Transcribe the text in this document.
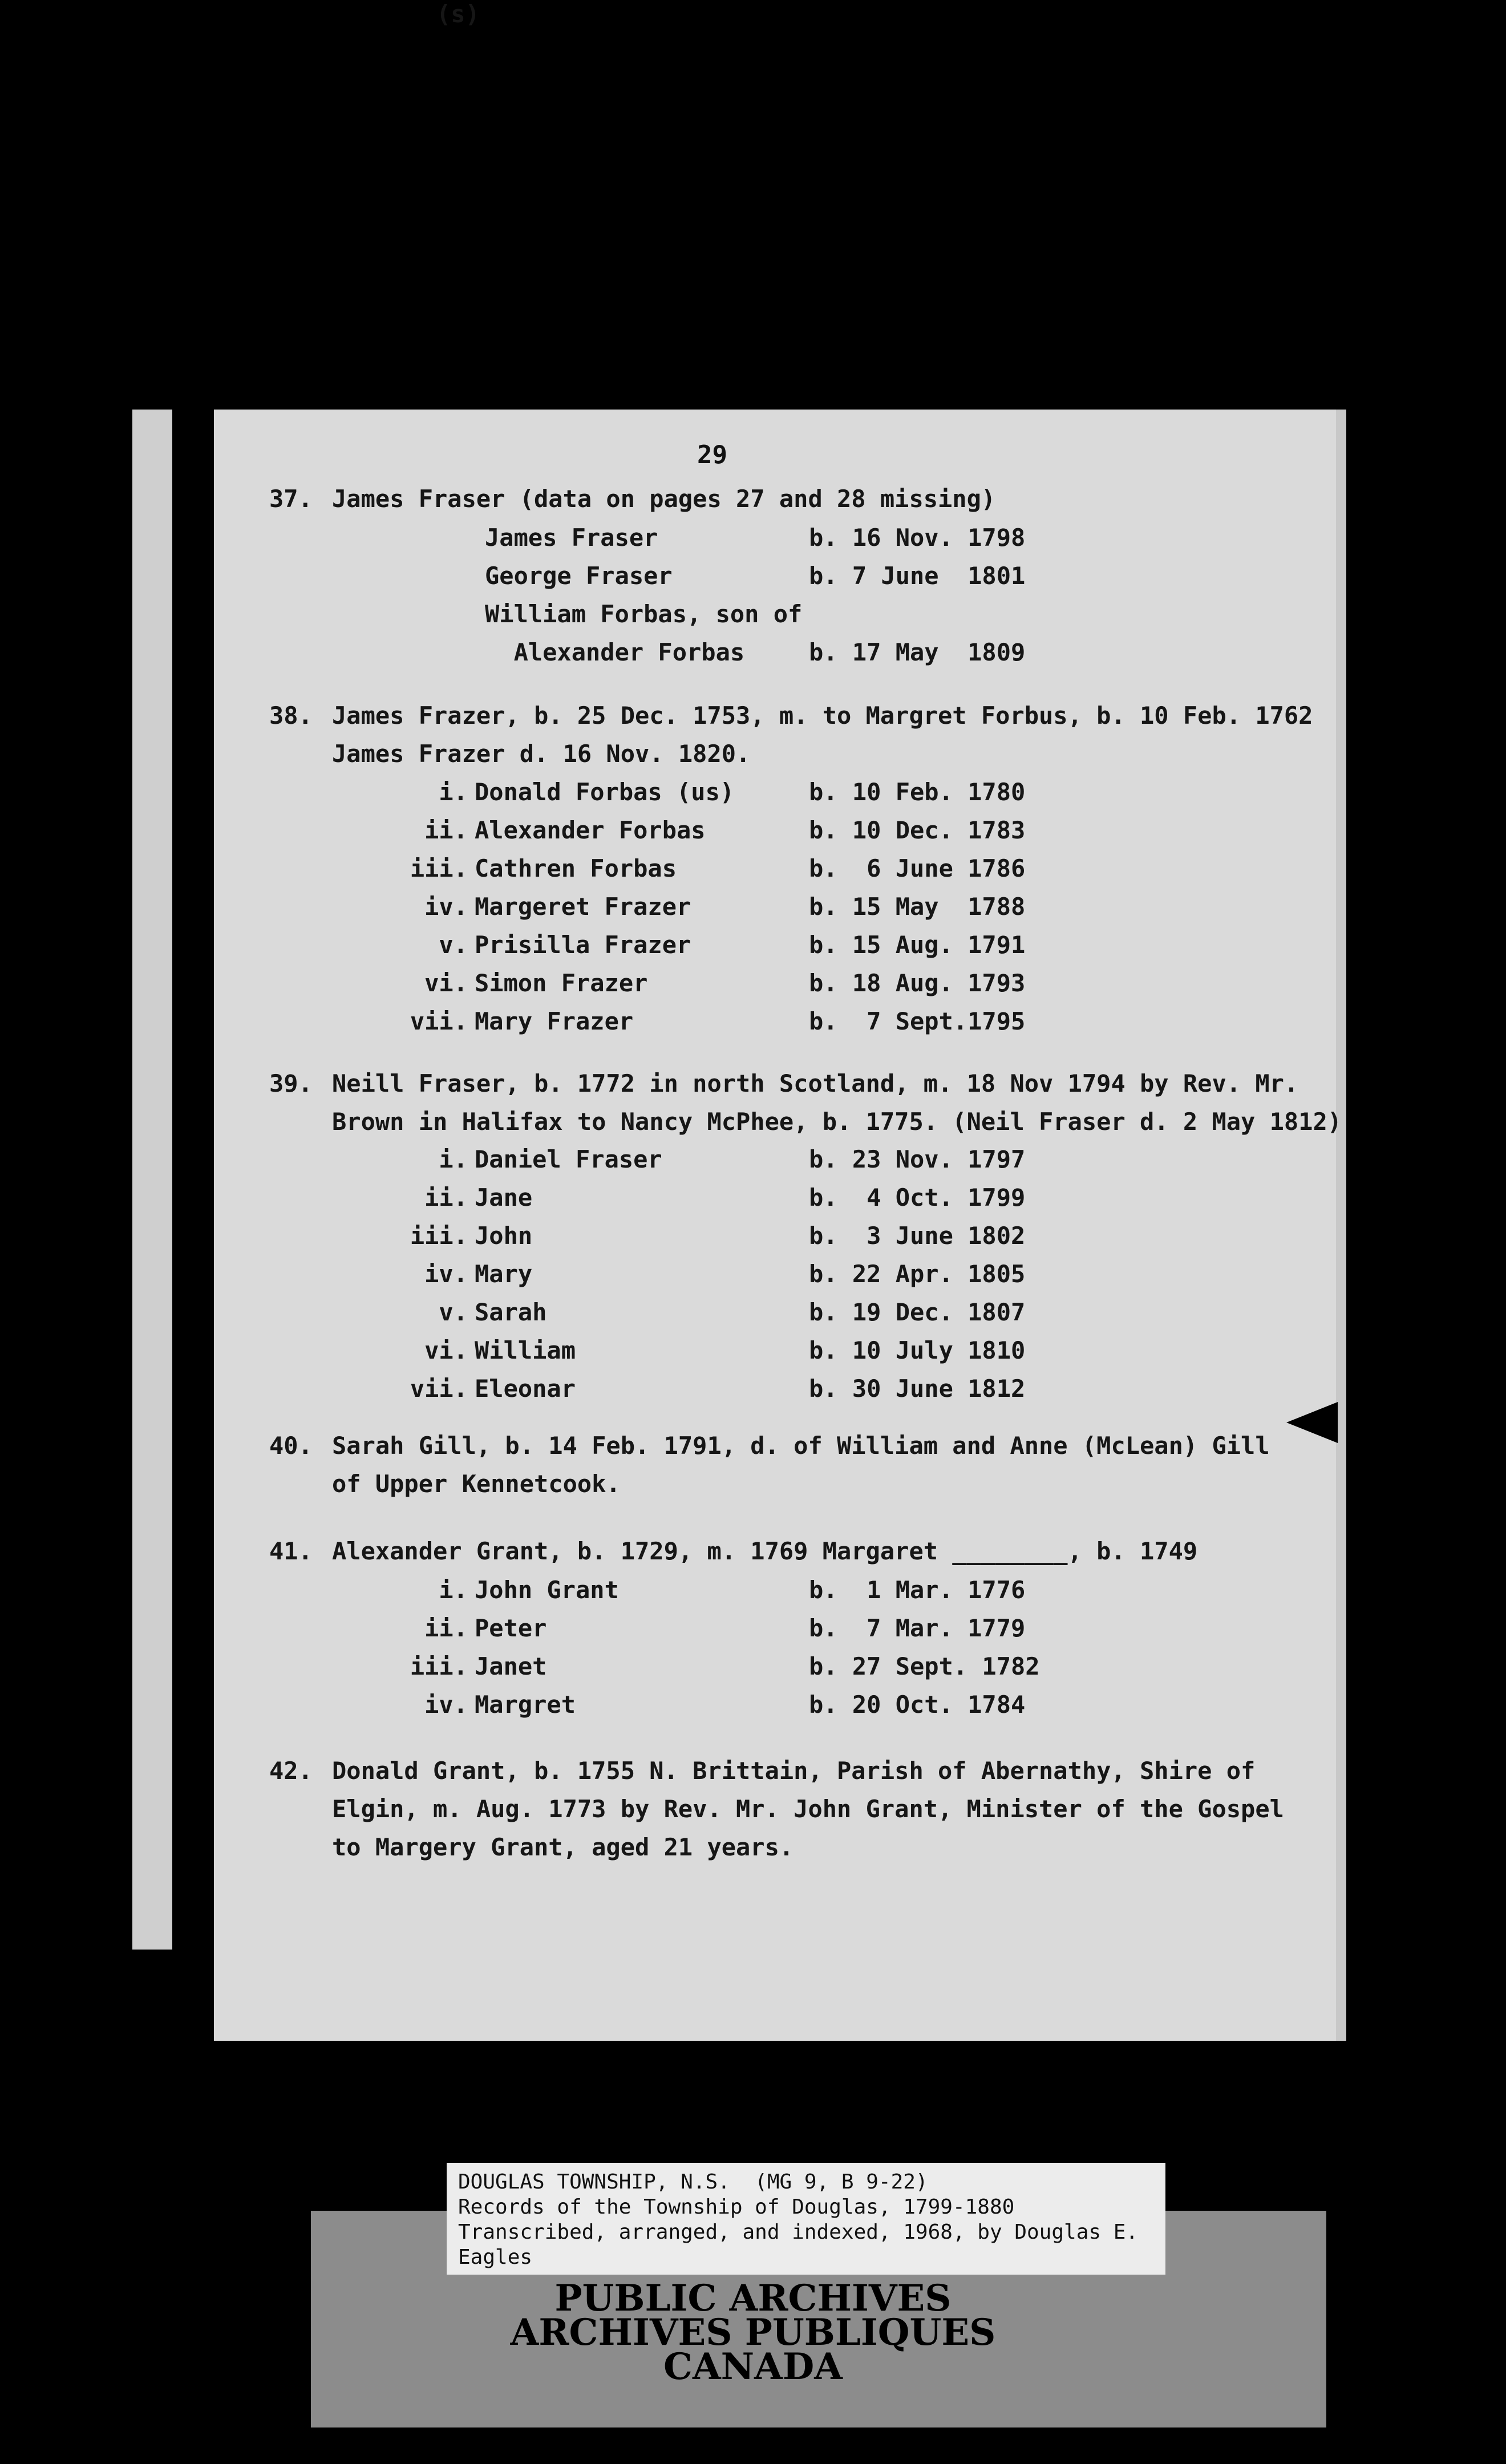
29
37. James Fraser (data on pages 27 and 28 missing)
James Fraser	b. 16 Nov. 1798
George Fraser	b. 7 June  1801
William Forbas, son of
Alexander Forbas	b. 17 May  1809
38.
(s)
James Frazer, b. 25 Dec. 1753, m. to Margret Forbus, b. 10 Feb. 1762
James Frazer d. 16 Nov. 1820.
i. Donald Forbas (us)	b. 10 Feb. 1780
ii. Alexander Forbas	b. 10 Dec. 1783
iii. Cathren Forbas	b.  6 June 1786
iv. Margeret Frazer	b. 15 May  1788
v. Prisilla Frazer	b. 15 Aug. 1791
vi. Simon Frazer	b. 18 Aug. 1793
vii. Mary Frazer	b.  7 Sept.1795
39. Neill Fraser, b. 1772 in north Scotland, m. 18 Nov 1794 by Rev. Mr.
Brown in Halifax to Nancy McPhee, b. 1775. (Neil Fraser d. 2 May 1812)
i. Daniel Fraser	b. 23 Nov. 1797
ii. Jane	b.  4 Oct. 1799
iii. John	b.  3 June 1802
iv. Mary	b. 22 Apr. 1805
v. Sarah	b. 19 Dec. 1807
vi. William	b. 10 July 1810
vii. Eleonar	b. 30 June 1812
40. Sarah Gill, b. 14 Feb. 1791, d. of William and Anne (McLean) Gill
of Upper Kennetcook.
41. Alexander Grant, b. 1729, m. 1769 Margaret ________, b. 1749
i. John Grant	b.  1 Mar. 1776
ii. Peter	b.  7 Mar. 1779
iii. Janet	b. 27 Sept. 1782
iv. Margret	b. 20 Oct. 1784
42. Donald Grant, b. 1755 N. Brittain, Parish of Abernathy, Shire of
Elgin, m. Aug. 1773 by Rev. Mr. John Grant, Minister of the Gospel
to Margery Grant, aged 21 years.
DOUGLAS TOWNSHIP, N.S.  (MG 9, B 9-22)
Records of the Township of Douglas, 1799-1880
Transcribed, arranged, and indexed, 1968, by Douglas E.
Eagles
PUBLIC ARCHIVES
ARCHIVES PUBLIQUES
CANADA
